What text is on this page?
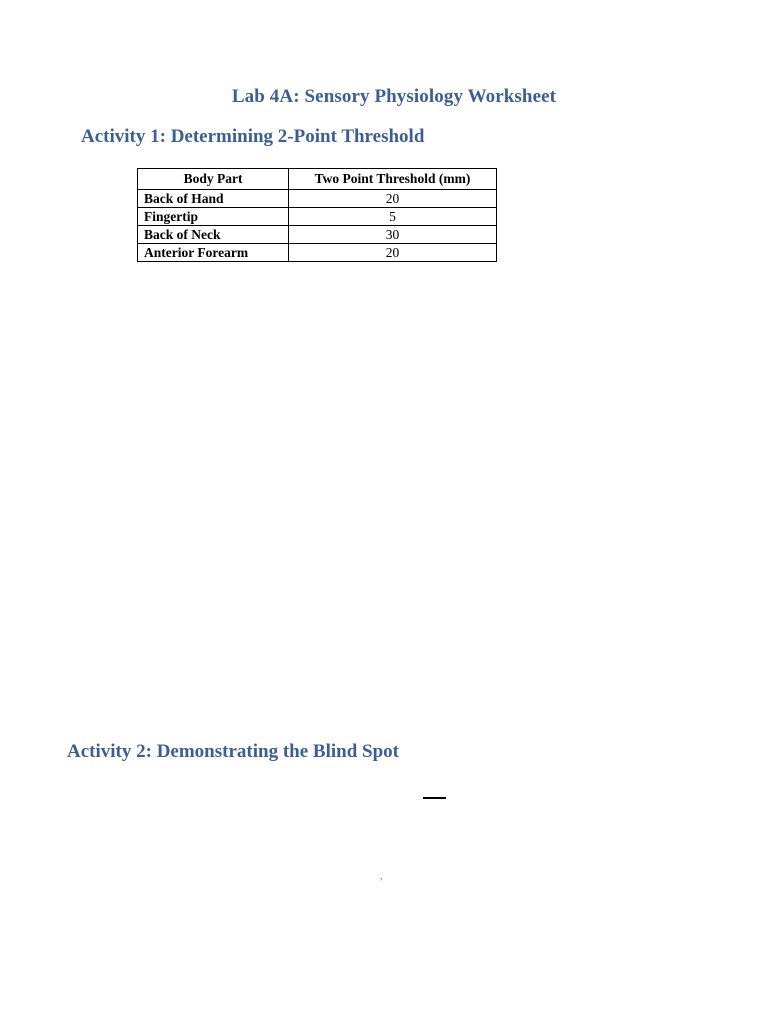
Lab 4A: Sensory Physiology Worksheet
Activity 1: Determining 2-Point Threshold
Body Part	Two Point Threshold (mm)
Back of Hand	20
Fingertip	5
Back of Neck	30
Anterior Forearm	20
Activity 2: Demonstrating the Blind Spot
,
